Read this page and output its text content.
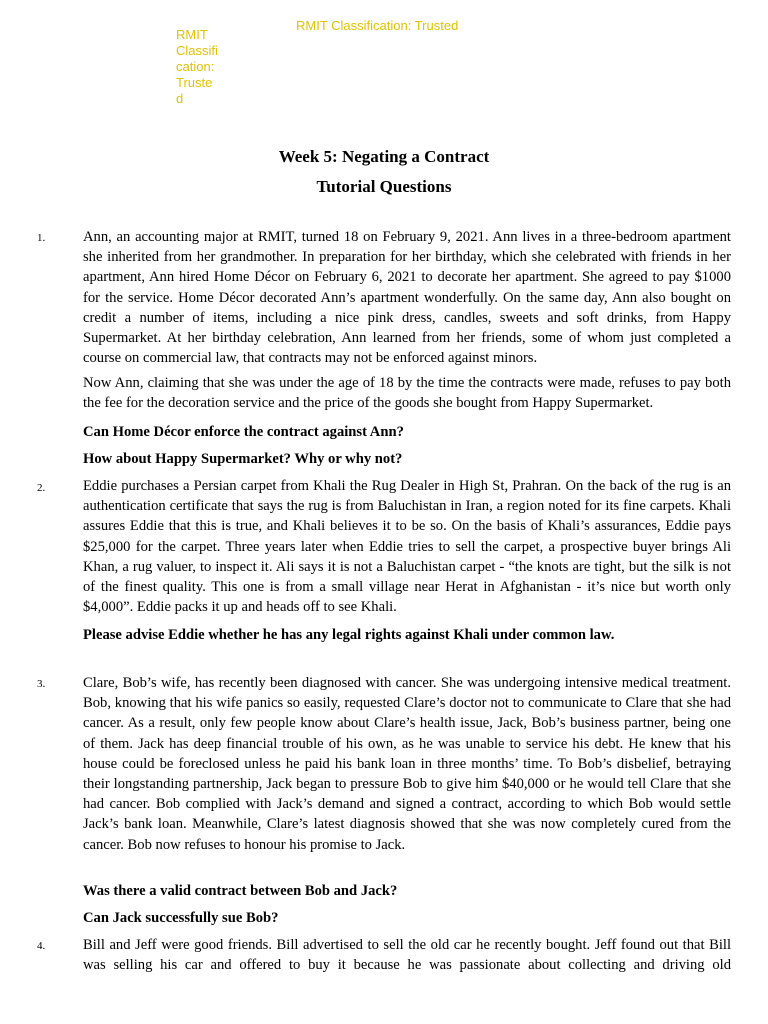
RMIT Classification: Trusted
RMIT
Classifi
cation:
Truste
d
Week 5: Negating a Contract
Tutorial Questions
1.	Ann, an accounting major at RMIT, turned 18 on February 9, 2021. Ann lives in a three-bedroom apartment she inherited from her grandmother. In preparation for her birthday, which she celebrated with friends in her apartment, Ann hired Home Décor on February 6, 2021 to decorate her apartment. She agreed to pay $1000 for the service. Home Décor decorated Ann’s apartment wonderfully. On the same day, Ann also bought on credit a number of items, including a nice pink dress, candles, sweets and soft drinks, from Happy Supermarket. At her birthday celebration, Ann learned from her friends, some of whom just completed a course on commercial law, that contracts may not be enforced against minors.

Now Ann, claiming that she was under the age of 18 by the time the contracts were made, refuses to pay both the fee for the decoration service and the price of the goods she bought from Happy Supermarket.

Can Home Décor enforce the contract against Ann?

How about Happy Supermarket? Why or why not?

2.	Eddie purchases a Persian carpet from Khali the Rug Dealer in High St, Prahran. On the back of the rug is an authentication certificate that says the rug is from Baluchistan in Iran, a region noted for its fine carpets. Khali assures Eddie that this is true, and Khali believes it to be so. On the basis of Khali’s assurances, Eddie pays $25,000 for the carpet. Three years later when Eddie tries to sell the carpet, a prospective buyer brings Ali Khan, a rug valuer, to inspect it. Ali says it is not a Baluchistan carpet - “the knots are tight, but the silk is not of the finest quality. This one is from a small village near Herat in Afghanistan - it’s nice but worth only $4,000”. Eddie packs it up and heads off to see Khali.

Please advise Eddie whether he has any legal rights against Khali under common law.

3.	Clare, Bob’s wife, has recently been diagnosed with cancer. She was undergoing intensive medical treatment. Bob, knowing that his wife panics so easily, requested Clare’s doctor not to communicate to Clare that she had cancer. As a result, only few people know about Clare’s health issue, Jack, Bob’s business partner, being one of them. Jack has deep financial trouble of his own, as he was unable to service his debt. He knew that his house could be foreclosed unless he paid his bank loan in three months’ time. To Bob’s disbelief, betraying their longstanding partnership, Jack began to pressure Bob to give him $40,000 or he would tell Clare that she had cancer. Bob complied with Jack’s demand and signed a contract, according to which Bob would settle Jack’s bank loan. Meanwhile, Clare’s latest diagnosis showed that she was now completely cured from the cancer. Bob now refuses to honour his promise to Jack.

Was there a valid contract between Bob and Jack?

Can Jack successfully sue Bob?

4.	Bill and Jeff were good friends. Bill advertised to sell the old car he recently bought. Jeff found out that Bill was selling his car and offered to buy it because he was passionate about collecting and driving old
